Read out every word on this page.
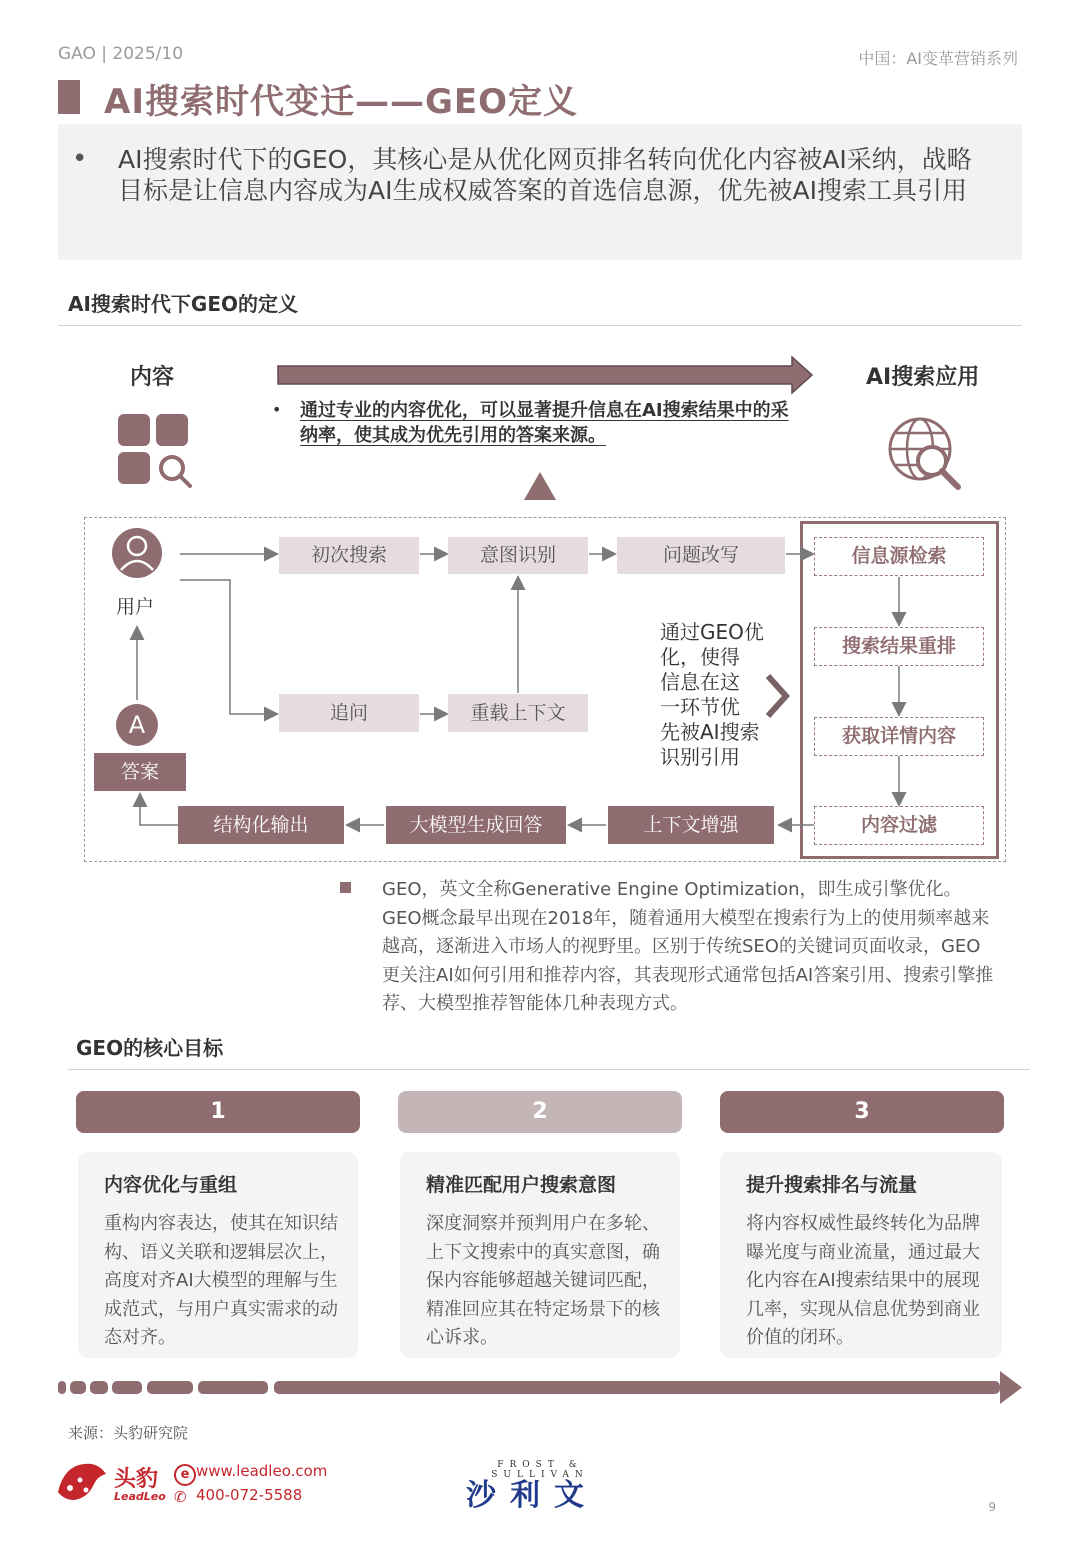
GAO | 2025/10	中国：AI变革营销系列
AI搜索时代变迁——GEO定义
• AI搜索时代下的GEO，其核心是从优化网页排名转向优化内容被AI采纳，战略目标是让信息内容成为AI生成权威答案的首选信息源，优先被AI搜索工具引用
AI搜索时代下GEO的定义
内容	AI搜索应用
• 通过专业的内容优化，可以显著提升信息在AI搜索结果中的采纳率，使其成为优先引用的答案来源。
用户
A
答案
初次搜索	意图识别	问题改写
追问	重载上下文
信息源检索
搜索结果重排
获取详情内容
内容过滤
上下文增强
大模型生成回答
结构化输出
通过GEO优
化，使得
信息在这
一环节优
先被AI搜索
识别引用
GEO，英文全称Generative Engine Optimization，即生成引擎优化。GEO概念最早出现在2018年，随着通用大模型在搜索行为上的使用频率越来越高，逐渐进入市场人的视野里。区别于传统SEO的关键词页面收录，GEO更关注AI如何引用和推荐内容，其表现形式通常包括AI答案引用、搜索引擎推荐、大模型推荐智能体几种表现方式。
GEO的核心目标
1	2	3
内容优化与重组
重构内容表达，使其在知识结构、语义关联和逻辑层次上，高度对齐AI大模型的理解与生成范式，与用户真实需求的动态对齐。
精准匹配用户搜索意图
深度洞察并预判用户在多轮、上下文搜索中的真实意图，确保内容能够超越关键词匹配，精准回应其在特定场景下的核心诉求。
提升搜索排名与流量
将内容权威性最终转化为品牌曝光度与商业流量，通过最大化内容在AI搜索结果中的展现几率，实现从信息优势到商业价值的闭环。
来源：头豹研究院
头豹
LeadLeo
e
✆
www.leadleo.com
400-072-5588
FROST & SULLIVAN
沙利文	9
